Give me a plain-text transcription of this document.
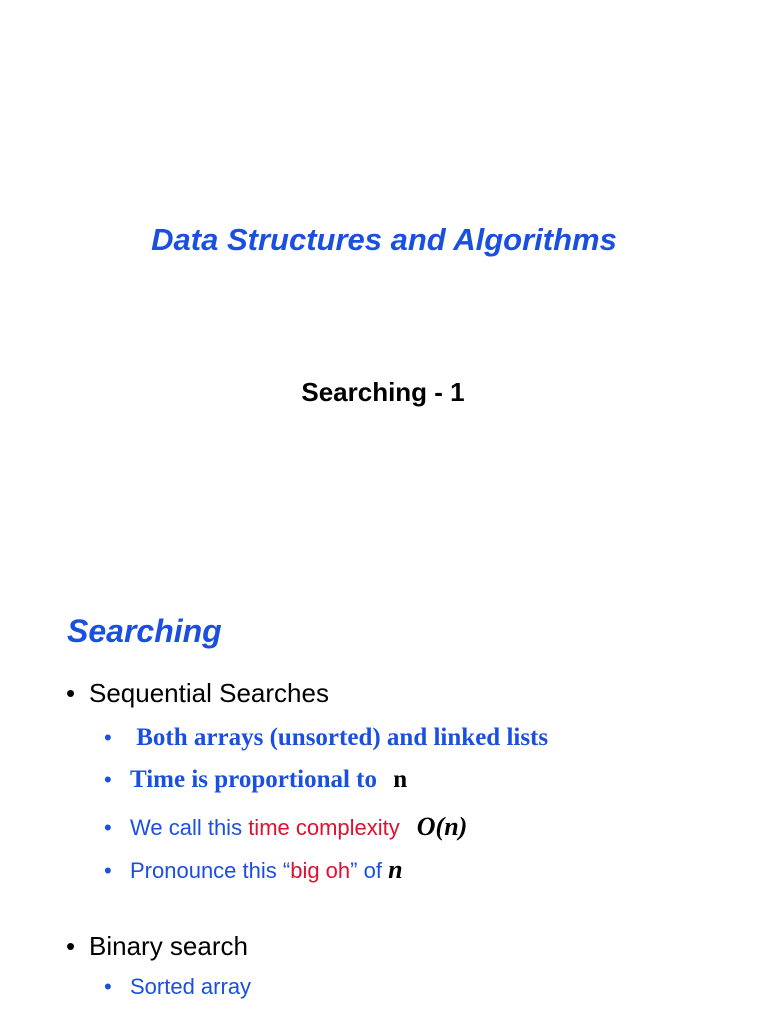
Data Structures and Algorithms
Searching - 1
Searching
• Sequential Searches
• Both arrays (unsorted) and linked lists
• Time is proportional to n
• We call this time complexity O(n)
• Pronounce this “big oh” of n
• Binary search
• Sorted array
